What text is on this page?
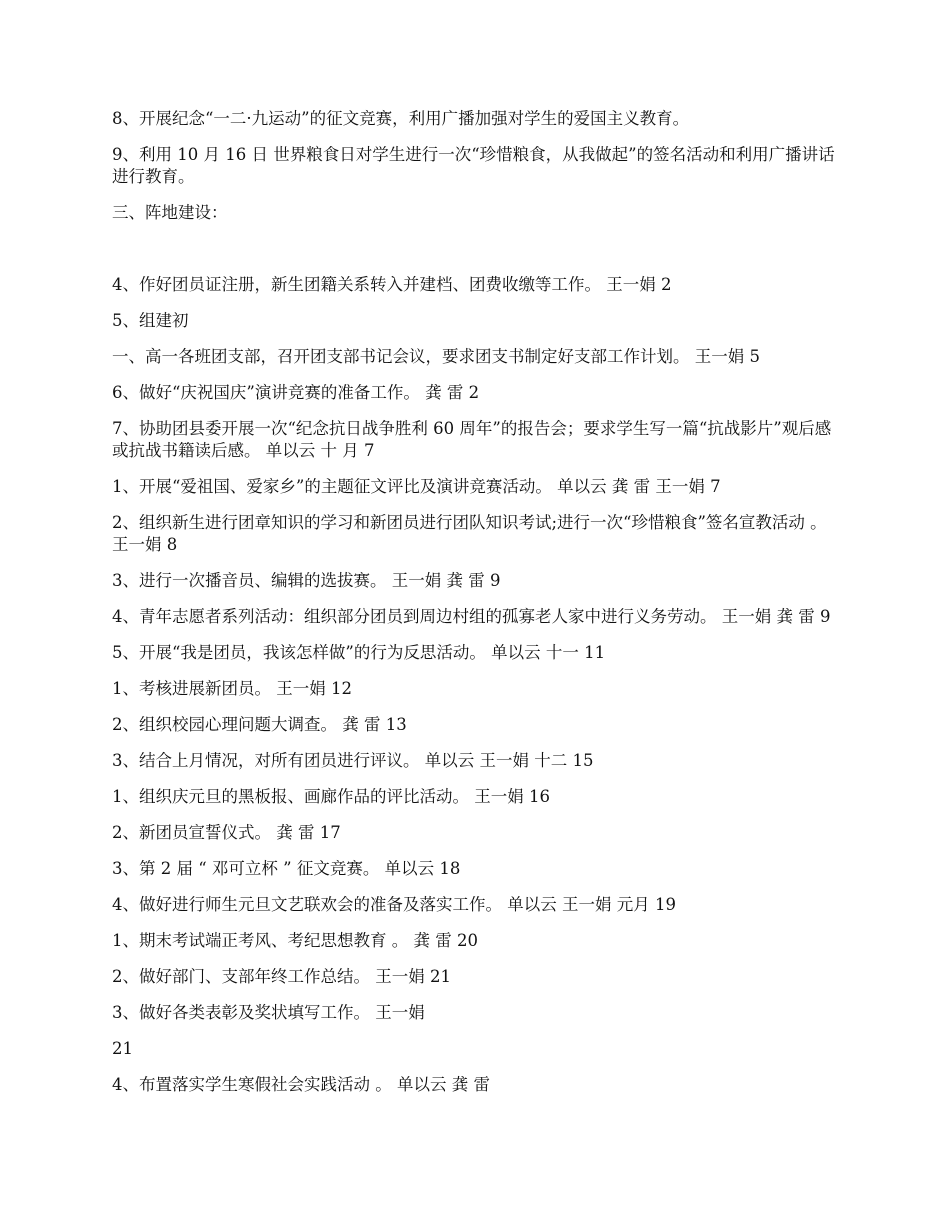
8、开展纪念“一二·九运动”的征文竞赛，利用广播加强对学生的爱国主义教育。

9、利用 10 月 16 日 世界粮食日对学生进行一次“珍惜粮食，从我做起”的签名活动和利用广播讲话进行教育。

三、阵地建设：

4、作好团员证注册，新生团籍关系转入并建档、团费收缴等工作。 王一娟 2

5、组建初

一、高一各班团支部，召开团支部书记会议，要求团支书制定好支部工作计划。 王一娟 5

6、做好“庆祝国庆”演讲竞赛的准备工作。 龚 雷 2

7、协助团县委开展一次“纪念抗日战争胜利 60 周年”的报告会；要求学生写一篇“抗战影片”观后感或抗战书籍读后感。 单以云 十 月 7

1、开展“爱祖国、爱家乡”的主题征文评比及演讲竞赛活动。 单以云 龚 雷 王一娟 7

2、组织新生进行团章知识的学习和新团员进行团队知识考试;进行一次“珍惜粮食”签名宣教活动 。 王一娟 8

3、进行一次播音员、编辑的选拔赛。 王一娟 龚 雷 9

4、青年志愿者系列活动：组织部分团员到周边村组的孤寡老人家中进行义务劳动。 王一娟 龚 雷 9

5、开展“我是团员，我该怎样做”的行为反思活动。 单以云 十一 11

1、考核进展新团员。 王一娟 12

2、组织校园心理问题大调查。 龚 雷 13

3、结合上月情况，对所有团员进行评议。 单以云 王一娟 十二 15

1、组织庆元旦的黑板报、画廊作品的评比活动。 王一娟 16

2、新团员宣誓仪式。 龚 雷 17

3、第 2 届 “ 邓可立杯 ” 征文竞赛。 单以云 18

4、做好进行师生元旦文艺联欢会的准备及落实工作。 单以云 王一娟 元月 19

1、期末考试端正考风、考纪思想教育 。 龚 雷 20

2、做好部门、支部年终工作总结。 王一娟 21

3、做好各类表彰及奖状填写工作。 王一娟

21

4、布置落实学生寒假社会实践活动 。 单以云 龚 雷
